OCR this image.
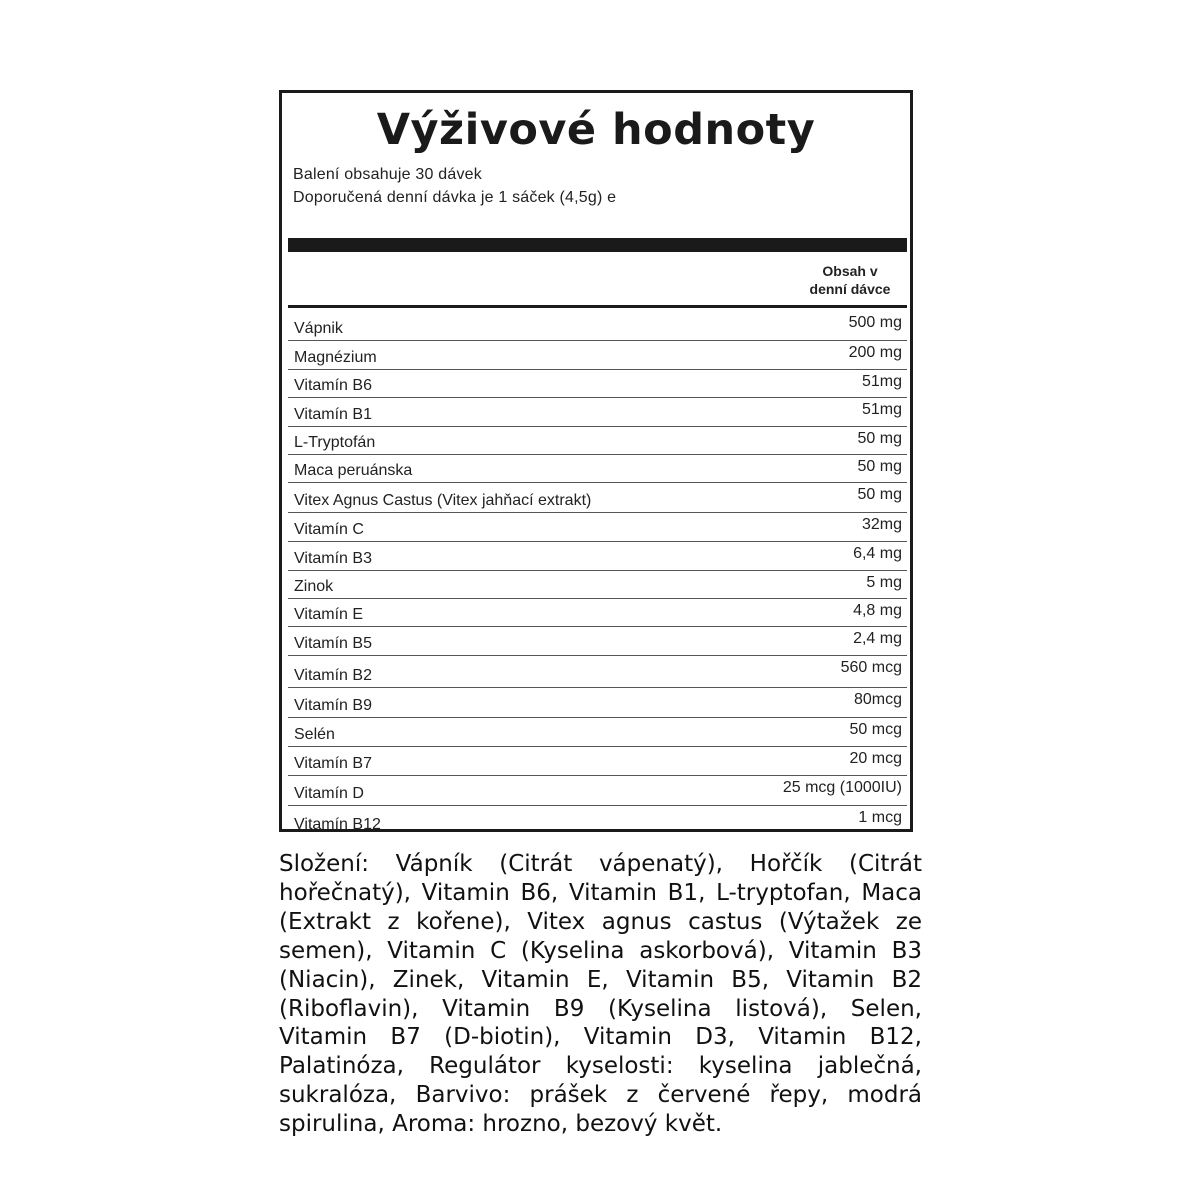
Výživové hodnoty
Balení obsahuje 30 dávek
Doporučená denní dávka je 1 sáček (4,5g) e
Obsah v
denní dávce
Vápnik	500 mg
Magnézium	200 mg
Vitamín B6	51mg
Vitamín B1	51mg
L-Tryptofán	50 mg
Maca peruánska	50 mg
Vitex Agnus Castus (Vitex jahňací extrakt)	50 mg
Vitamín C	32mg
Vitamín B3	6,4 mg
Zinok	5 mg
Vitamín E	4,8 mg
Vitamín B5	2,4 mg
Vitamín B2	560 mcg
Vitamín B9	80mcg
Selén	50 mcg
Vitamín B7	20 mcg
Vitamín D	25 mcg (1000IU)
Vitamín B12	1 mcg

Složení: Vápník (Citrát vápenatý), Hořčík (Citrát hořečnatý), Vitamin B6, Vitamin B1, L-tryptofan, Maca (Extrakt z kořene), Vitex agnus castus (Výtažek ze semen), Vitamin C (Kyselina askorbová), Vitamin B3 (Niacin), Zinek, Vitamin E, Vitamin B5, Vitamin B2 (Riboflavin), Vitamin B9 (Kyselina listová), Selen, Vitamin B7 (D-biotin), Vitamin D3, Vitamin B12, Palatinóza, Regulátor kyselosti: kyselina jablečná, sukralóza, Barvivo: prášek z červené řepy, modrá spirulina, Aroma: hrozno, bezový květ.
